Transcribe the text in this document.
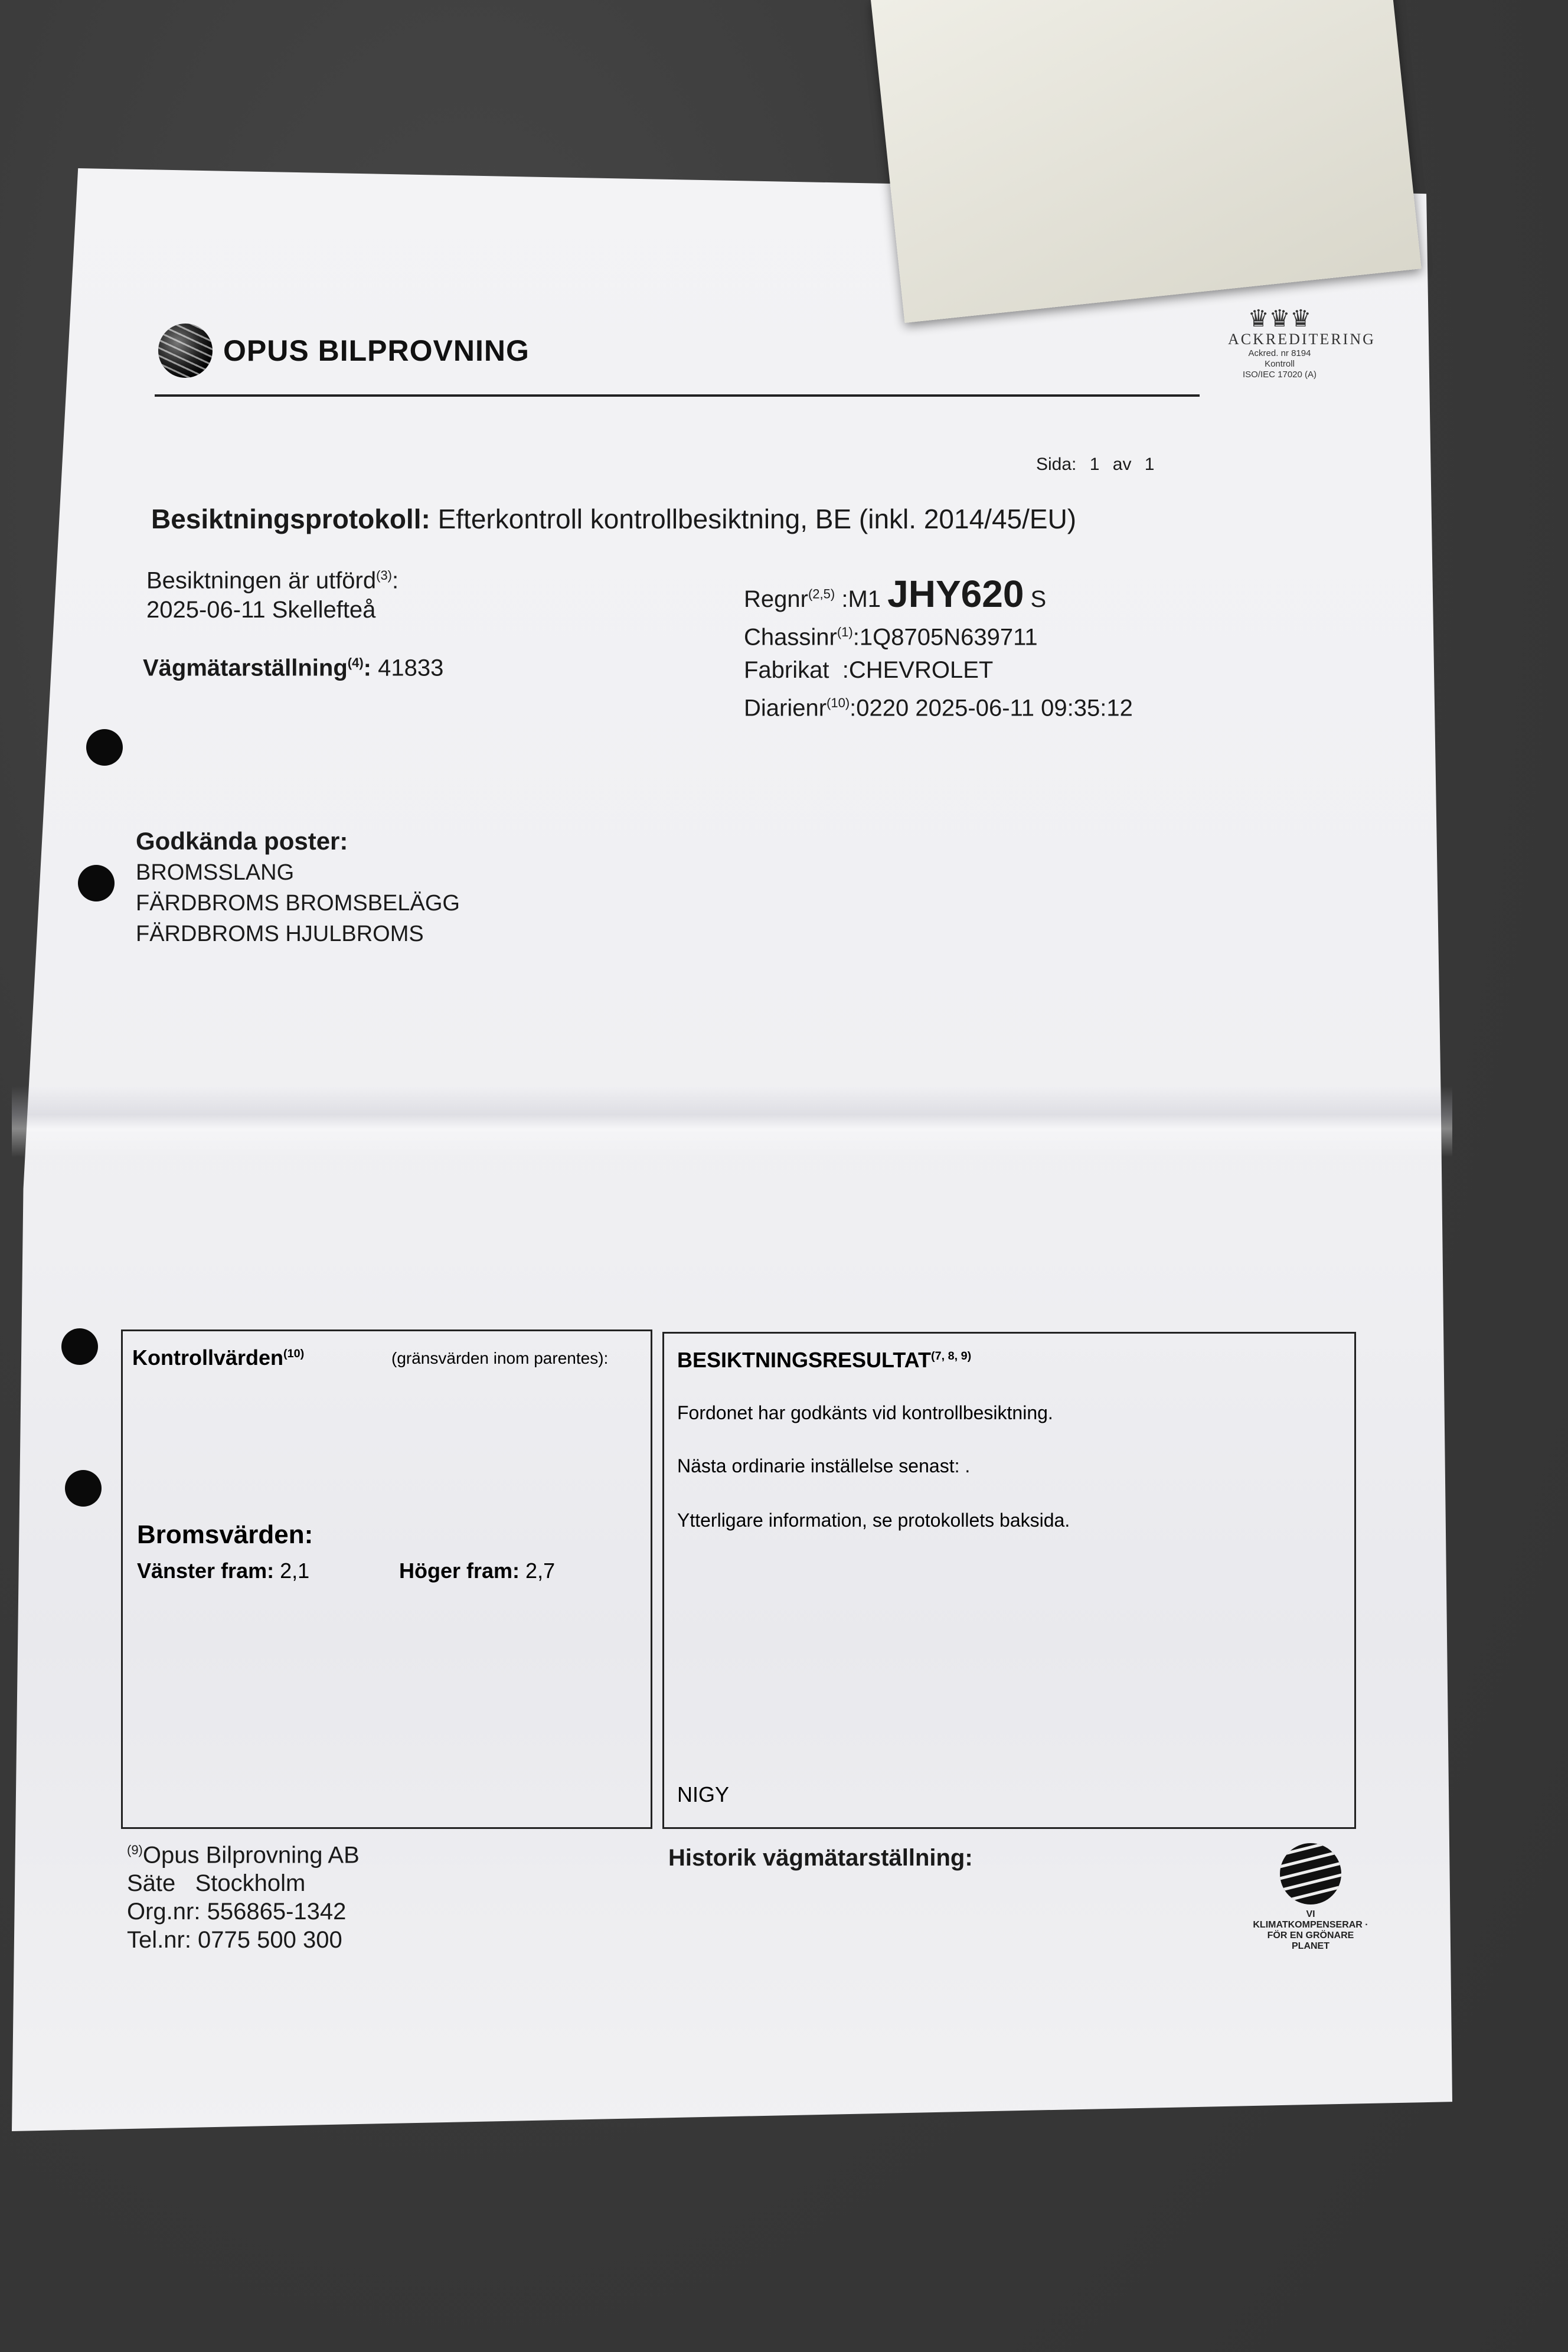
OPUS BILPROVNING
♛♛♛
ACKREDITERING
Ackred. nr 8194
Kontroll
ISO/IEC 17020 (A)
Sida: 1 av 1
Besiktningsprotokoll: Efterkontroll kontrollbesiktning, BE (inkl. 2014/45/EU)
Besiktningen är utförd$^{(3)}$:
2025-06-11 Skellefteå
Vägmätarställning$^{(4)}$: 41833
Regnr$^{(2,5)}$ :M1 JHY620 S
Chassinr$^{(1)}$:1Q8705N639711
Fabrikat  :CHEVROLET
Diarienr$^{(10)}$:0220 2025-06-11 09:35:12
Godkända poster:
BROMSSLANG
FÄRDBROMS BROMSBELÄGG
FÄRDBROMS HJULBROMS
Kontrollvärden$^{(10)}$	(gränsvärden inom parentes):
Bromsvärden:
Vänster fram: 2,1	Höger fram: 2,7
BESIKTNINGSRESULTAT$^{(7, 8, 9)}$
Fordonet har godkänts vid kontrollbesiktning.
Nästa ordinarie inställelse senast: .
Ytterligare information, se protokollets baksida.
NIGY
$^{(9)}$Opus Bilprovning AB
Säte   Stockholm
Org.nr: 556865-1342
Tel.nr: 0775 500 300
Historik vägmätarställning:
VI KLIMATKOMPENSERAR · FÖR EN GRÖNARE PLANET
